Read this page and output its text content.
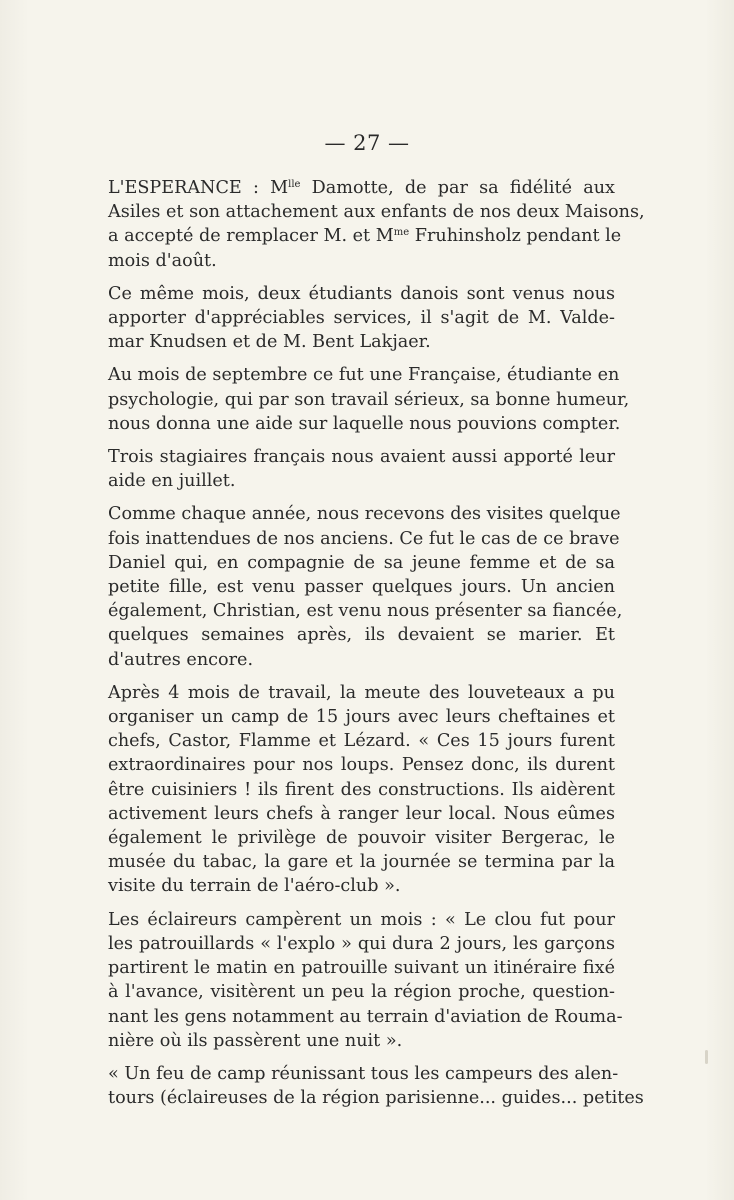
— 27 —

L'ESPERANCE : $M^{lle}$ Damotte, de par sa fidélité aux
Asiles et son attachement aux enfants de nos deux Maisons,
a accepté de remplacer M. et $M^{me}$ Fruhinsholz pendant le
mois d'août.

Ce même mois, deux étudiants danois sont venus nous
apporter d'appréciables services, il s'agit de M. Valde-
mar Knudsen et de M. Bent Lakjaer.

Au mois de septembre ce fut une Française, étudiante en
psychologie, qui par son travail sérieux, sa bonne humeur,
nous donna une aide sur laquelle nous pouvions compter.

Trois stagiaires français nous avaient aussi apporté leur
aide en juillet.

Comme chaque année, nous recevons des visites quelque
fois inattendues de nos anciens. Ce fut le cas de ce brave
Daniel qui, en compagnie de sa jeune femme et de sa
petite fille, est venu passer quelques jours. Un ancien
également, Christian, est venu nous présenter sa fiancée,
quelques semaines après, ils devaient se marier. Et
d'autres encore.

Après 4 mois de travail, la meute des louveteaux a pu
organiser un camp de 15 jours avec leurs cheftaines et
chefs, Castor, Flamme et Lézard. « Ces 15 jours furent
extraordinaires pour nos loups. Pensez donc, ils durent
être cuisiniers ! ils firent des constructions. Ils aidèrent
activement leurs chefs à ranger leur local. Nous eûmes
également le privilège de pouvoir visiter Bergerac, le
musée du tabac, la gare et la journée se termina par la
visite du terrain de l'aéro-club ».

Les éclaireurs campèrent un mois : « Le clou fut pour
les patrouillards « l'explo » qui dura 2 jours, les garçons
partirent le matin en patrouille suivant un itinéraire fixé
à l'avance, visitèrent un peu la région proche, question-
nant les gens notamment au terrain d'aviation de Rouma-
nière où ils passèrent une nuit ».

« Un feu de camp réunissant tous les campeurs des alen-
tours (éclaireuses de la région parisienne... guides... petites
